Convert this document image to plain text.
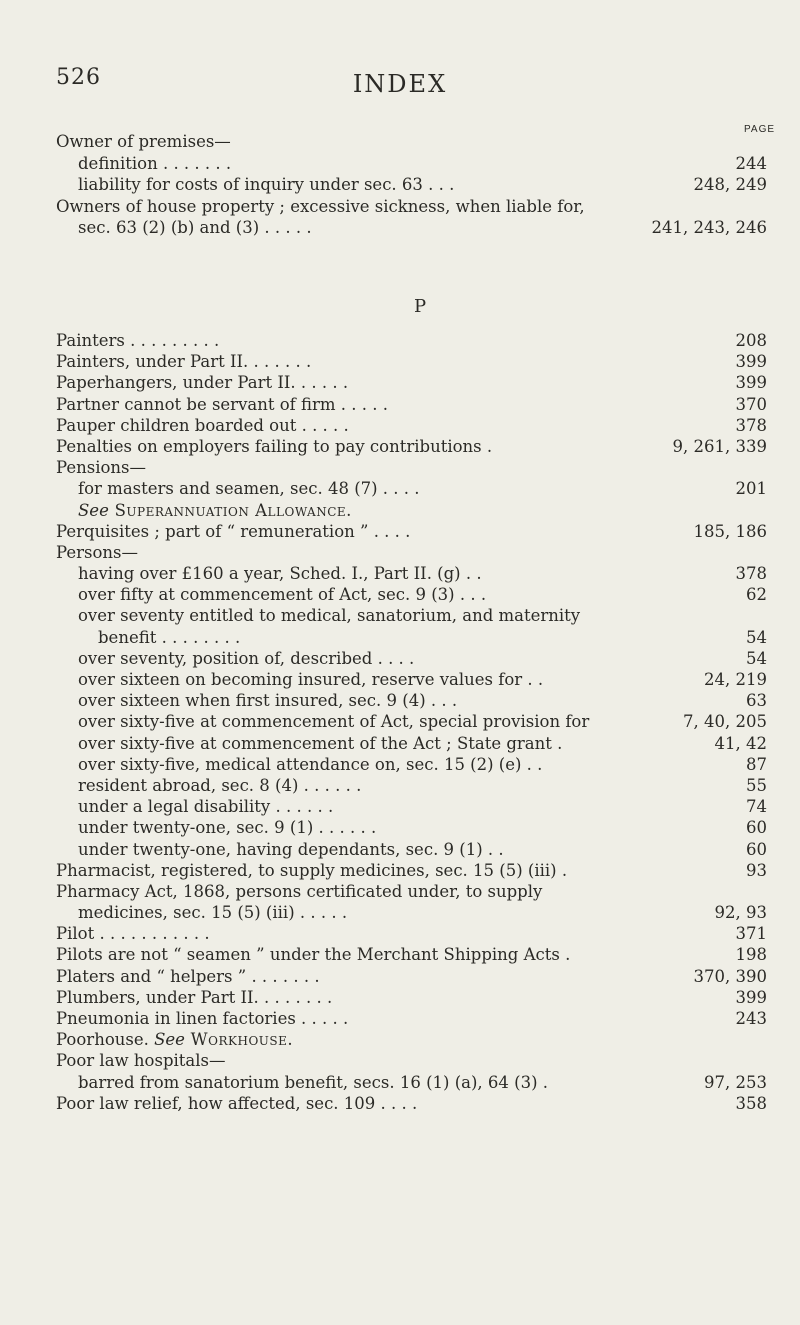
526	INDEX
PAGE
Owner of premises—
definition . . . . . . .	244
liability for costs of inquiry under sec. 63 . . .	248, 249
Owners of house property ; excessive sickness, when liable for,
sec. 63 (2) (b) and (3) . . . . .	241, 243, 246
P
Painters . . . . . . . . .	208
Painters, under Part II. . . . . . .	399
Paperhangers, under Part II. . . . . .	399
Partner cannot be servant of firm . . . . .	370
Pauper children boarded out . . . . .	378
Penalties on employers failing to pay contributions .	9, 261, 339
Pensions—
for masters and seamen, sec. 48 (7) . . . .	201
See Superannuation Allowance.
Perquisites ; part of “ remuneration ” . . . .	185, 186
Persons—
having over £160 a year, Sched. I., Part II. (g) . .	378
over fifty at commencement of Act, sec. 9 (3) . . .	62
over seventy entitled to medical, sanatorium, and maternity
benefit . . . . . . . .	54
over seventy, position of, described . . . .	54
over sixteen on becoming insured, reserve values for . .	24, 219
over sixteen when first insured, sec. 9 (4) . . .	63
over sixty-five at commencement of Act, special provision for	7, 40, 205
over sixty-five at commencement of the Act ; State grant .	41, 42
over sixty-five, medical attendance on, sec. 15 (2) (e) . .	87
resident abroad, sec. 8 (4) . . . . . .	55
under a legal disability . . . . . .	74
under twenty-one, sec. 9 (1) . . . . . .	60
under twenty-one, having dependants, sec. 9 (1) . .	60
Pharmacist, registered, to supply medicines, sec. 15 (5) (iii) .	93
Pharmacy Act, 1868, persons certificated under, to supply
medicines, sec. 15 (5) (iii) . . . . .	92, 93
Pilot . . . . . . . . . . .	371
Pilots are not “ seamen ” under the Merchant Shipping Acts .	198
Platers and “ helpers ” . . . . . . .	370, 390
Plumbers, under Part II. . . . . . . .	399
Pneumonia in linen factories . . . . .	243
Poorhouse. See Workhouse.
Poor law hospitals—
barred from sanatorium benefit, secs. 16 (1) (a), 64 (3) .	97, 253
Poor law relief, how affected, sec. 109 . . . .	358
